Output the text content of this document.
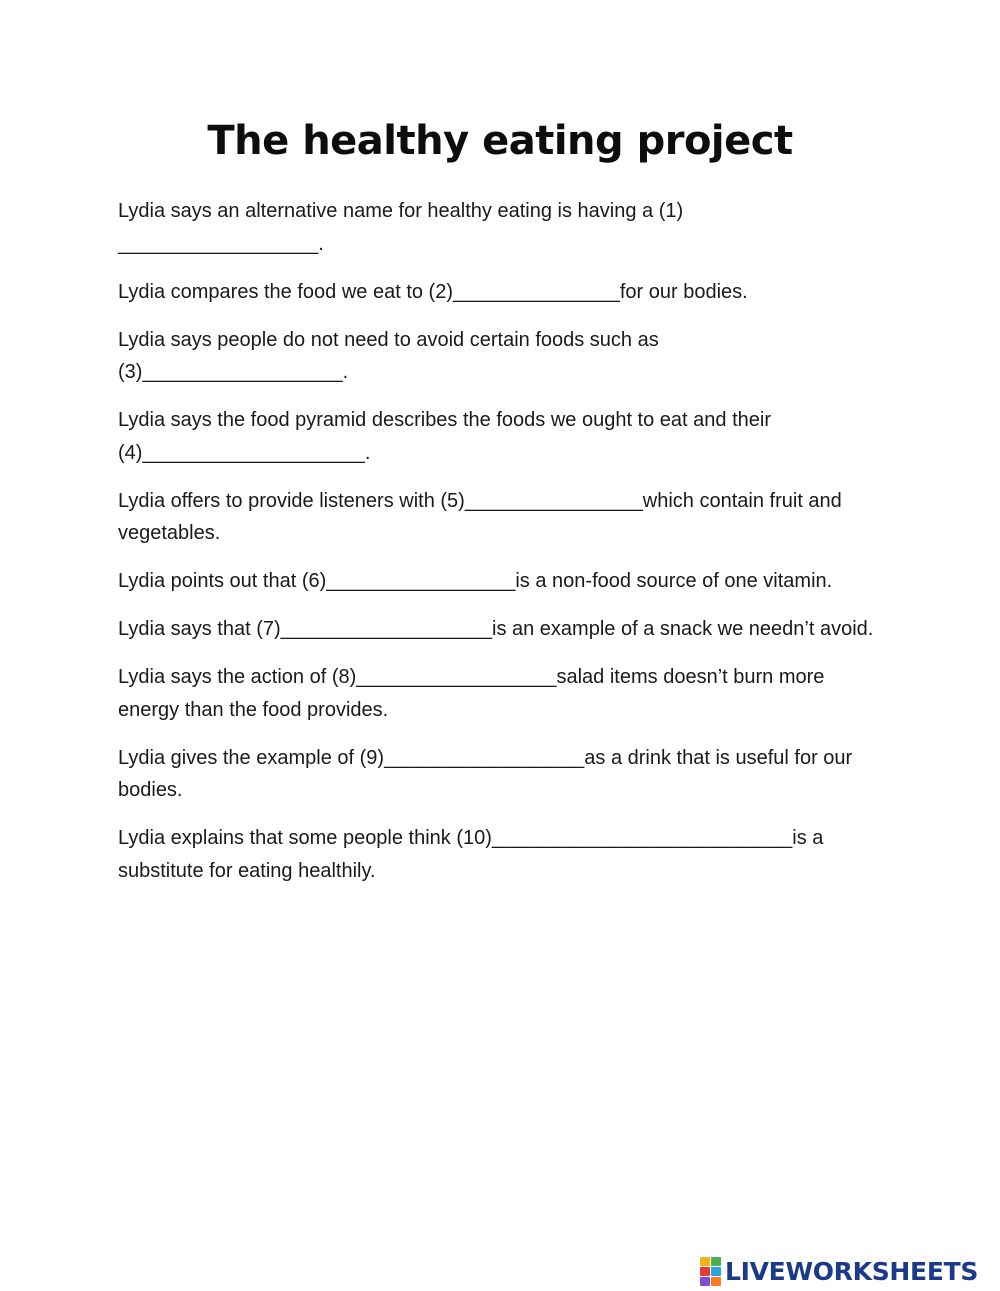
The healthy eating project

Lydia says an alternative name for healthy eating is having a (1) __________________.

Lydia compares the food we eat to (2)_______________for our bodies.

Lydia says people do not need to avoid certain foods such as (3)__________________.

Lydia says the food pyramid describes the foods we ought to eat and their (4)____________________.

Lydia offers to provide listeners with (5)________________which contain fruit and vegetables.

Lydia points out that (6)_________________is a non-food source of one vitamin.

Lydia says that (7)___________________is an example of a snack we needn’t avoid.

Lydia says the action of (8)__________________salad items doesn’t burn more energy than the food provides.

Lydia gives the example of (9)__________________as a drink that is useful for our bodies.

Lydia explains that some people think (10)___________________________is a substitute for eating healthily.

LIVEWORKSHEETS
